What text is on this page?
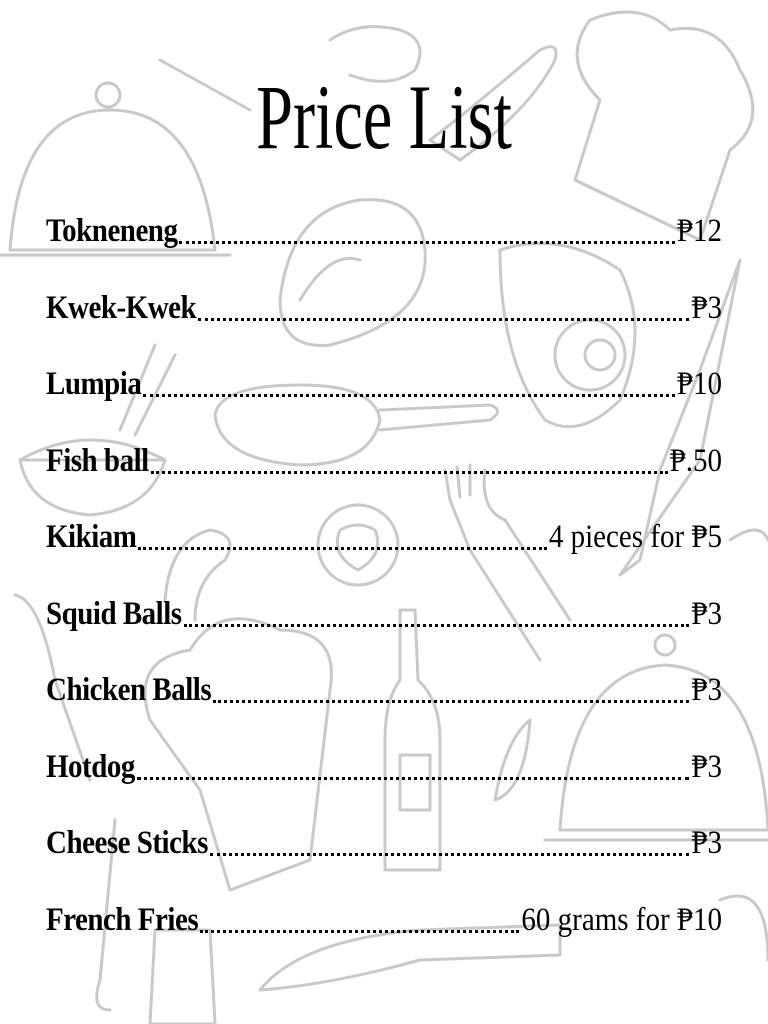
Price List
Tokneneng	₱12
Kwek-Kwek	₱3
Lumpia	₱10
Fish ball	₱.50
Kikiam	4 pieces for ₱5
Squid Balls	₱3
Chicken Balls	₱3
Hotdog	₱3
Cheese Sticks	₱3
French Fries	60 grams for ₱10
